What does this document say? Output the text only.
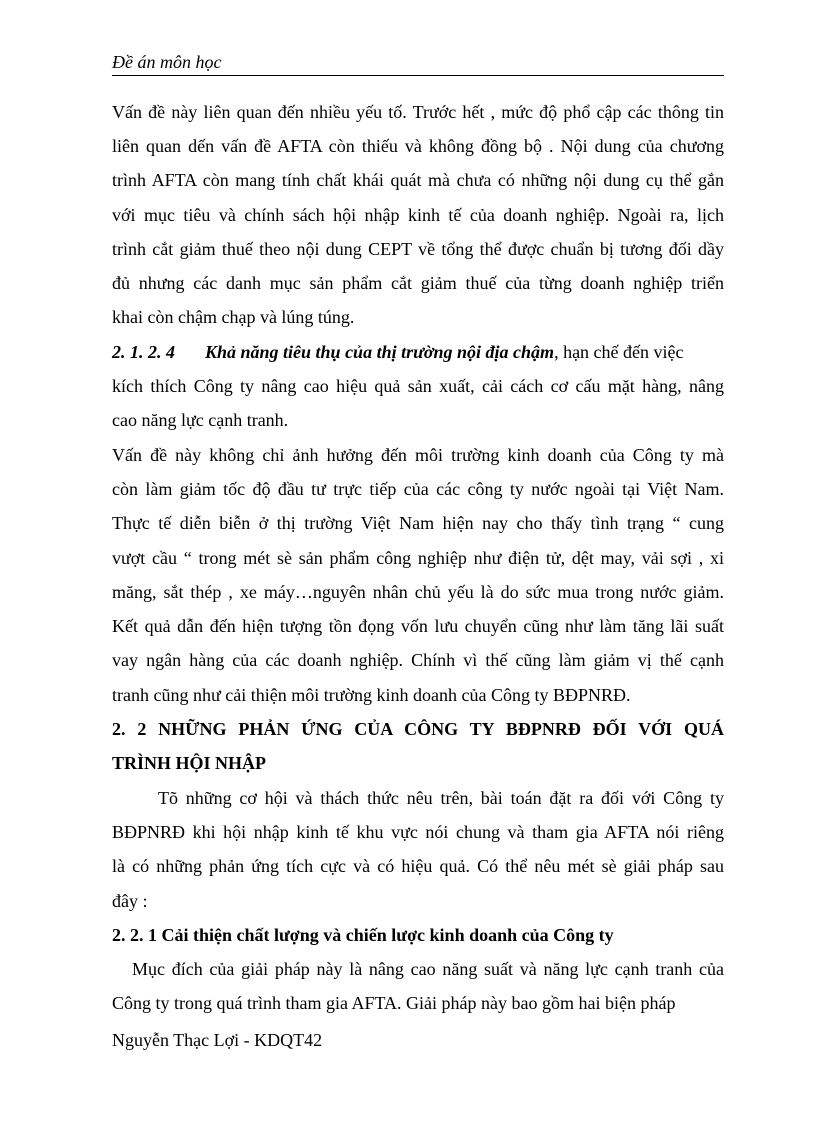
Đề án môn học
Vấn đề này liên quan đến nhiều yếu tố. Trước hết , mức độ phổ cập các thông tin
liên quan dến vấn đề AFTA còn thiếu và không đồng bộ . Nội dung của chương
trình AFTA còn mang tính chất khái quát mà chưa có những nội dung cụ thể gắn
với mục tiêu và chính sách hội nhập kinh tế của doanh nghiệp. Ngoài ra, lịch
trình cắt giảm thuế theo nội dung CEPT về tổng thể được chuẩn bị tương đối dầy
đủ nhưng các danh mục sản phẩm cắt giảm thuế của từng doanh nghiệp triển
khai còn chậm chạp và lúng túng.
2. 1. 2. 4 Khả năng tiêu thụ của thị trường nội địa chậm, hạn chế đến việc
kích thích Công ty nâng cao hiệu quả sản xuất, cải cách cơ cấu mặt hàng, nâng
cao năng lực cạnh tranh.
Vấn đề này không chỉ ảnh hưởng đến môi trường kinh doanh của Công ty mà
còn làm giảm tốc độ đầu tư trực tiếp của các công ty nước ngoài tại Việt Nam.
Thực tế diễn biễn ở thị trường Việt Nam hiện nay cho thấy tình trạng “ cung
vượt cầu “ trong mét sè sản phẩm công nghiệp như điện tử, dệt may, vải sợi , xi
măng, sắt thép , xe máy…nguyên nhân chủ yếu là do sức mua trong nước giảm.
Kết quả dẫn đến hiện tượng tồn đọng vốn lưu chuyển cũng như làm tăng lãi suất
vay ngân hàng của các doanh nghiệp. Chính vì thế cũng làm giảm vị thế cạnh
tranh cũng như cải thiện môi trường kinh doanh của Công ty BĐPNRĐ.
2. 2 NHỮNG PHẢN ỨNG CỦA CÔNG TY BĐPNRĐ ĐỐI VỚI QUÁ
TRÌNH HỘI NHẬP
Tõ những cơ hội và thách thức nêu trên, bài toán đặt ra đối với Công ty
BĐPNRĐ khi hội nhập kinh tế khu vực nói chung và tham gia AFTA nói riêng
là có những phản ứng tích cực và có hiệu quả. Có thể nêu mét sè giải pháp sau
đây :
2. 2. 1 Cải thiện chất lượng và chiến lược kinh doanh của Công ty
Mục đích của giải pháp này là nâng cao năng suất và năng lực cạnh tranh của
Công ty trong quá trình tham gia AFTA. Giải pháp này bao gồm hai biện pháp
Nguyễn Thạc Lợi - KDQT42
